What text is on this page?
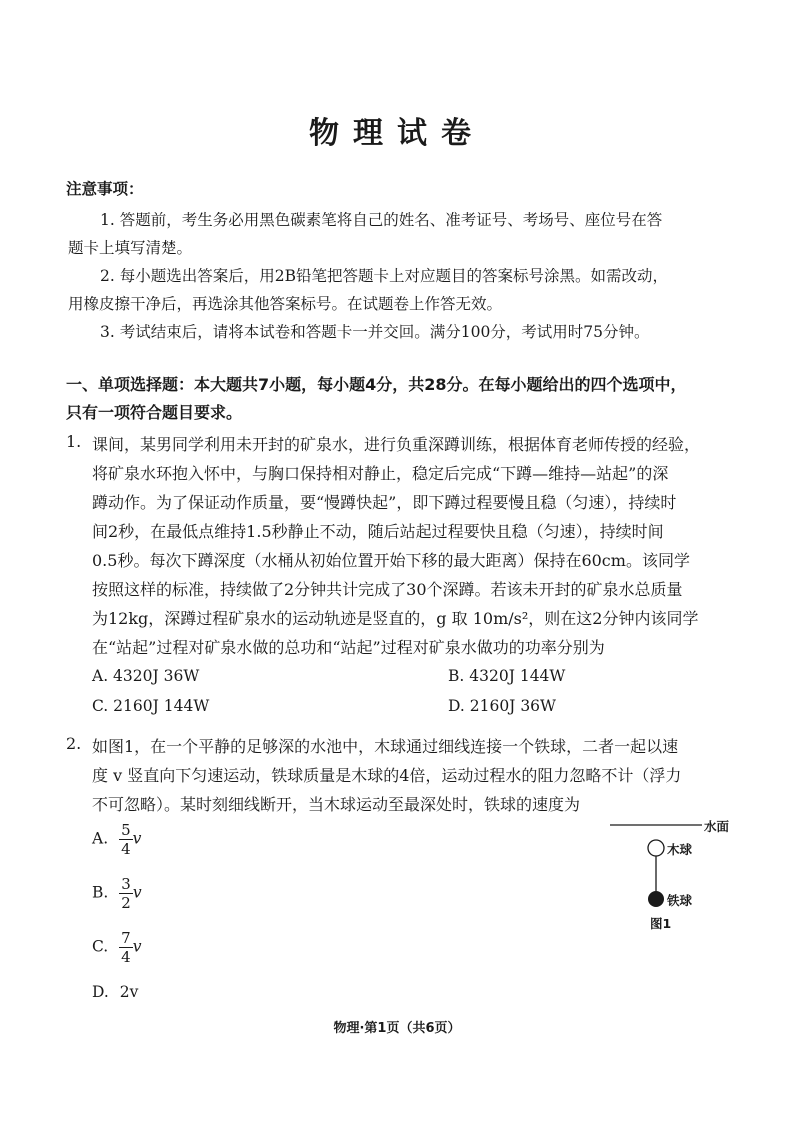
物理试卷
注意事项：
1. 答题前，考生务必用黑色碳素笔将自己的姓名、准考证号、考场号、座位号在答
题卡上填写清楚。
2. 每小题选出答案后，用2B铅笔把答题卡上对应题目的答案标号涂黑。如需改动，
用橡皮擦干净后，再选涂其他答案标号。在试题卷上作答无效。
3. 考试结束后，请将本试卷和答题卡一并交回。满分100分，考试用时75分钟。
一、单项选择题：本大题共7小题，每小题4分，共28分。在每小题给出的四个选项中，
只有一项符合题目要求。
1. 课间，某男同学利用未开封的矿泉水，进行负重深蹲训练，根据体育老师传授的经验，
将矿泉水环抱入怀中，与胸口保持相对静止，稳定后完成“下蹲—维持—站起”的深
蹲动作。为了保证动作质量，要“慢蹲快起”，即下蹲过程要慢且稳（匀速），持续时
间2秒，在最低点维持1.5秒静止不动，随后站起过程要快且稳（匀速），持续时间
0.5秒。每次下蹲深度（水桶从初始位置开始下移的最大距离）保持在60cm。该同学
按照这样的标准，持续做了2分钟共计完成了30个深蹲。若该未开封的矿泉水总质量
为12kg，深蹲过程矿泉水的运动轨迹是竖直的，g 取 10m/s²，则在这2分钟内该同学
在“站起”过程对矿泉水做的总功和“站起”过程对矿泉水做功的功率分别为
A. 4320J 36W	B. 4320J 144W
C. 2160J 144W	D. 2160J 36W
2. 如图1，在一个平静的足够深的水池中，木球通过细线连接一个铁球，二者一起以速
度 v 竖直向下匀速运动，铁球质量是木球的4倍，运动过程水的阻力忽略不计（浮力
不可忽略）。某时刻细线断开，当木球运动至最深处时，铁球的速度为
A. $\frac{5}{4}$ v
B. $\frac{3}{2}$ v
C. $\frac{7}{4}$ v
D. 2v
水面
木球
铁球
图1
物理·第1页（共6页）
